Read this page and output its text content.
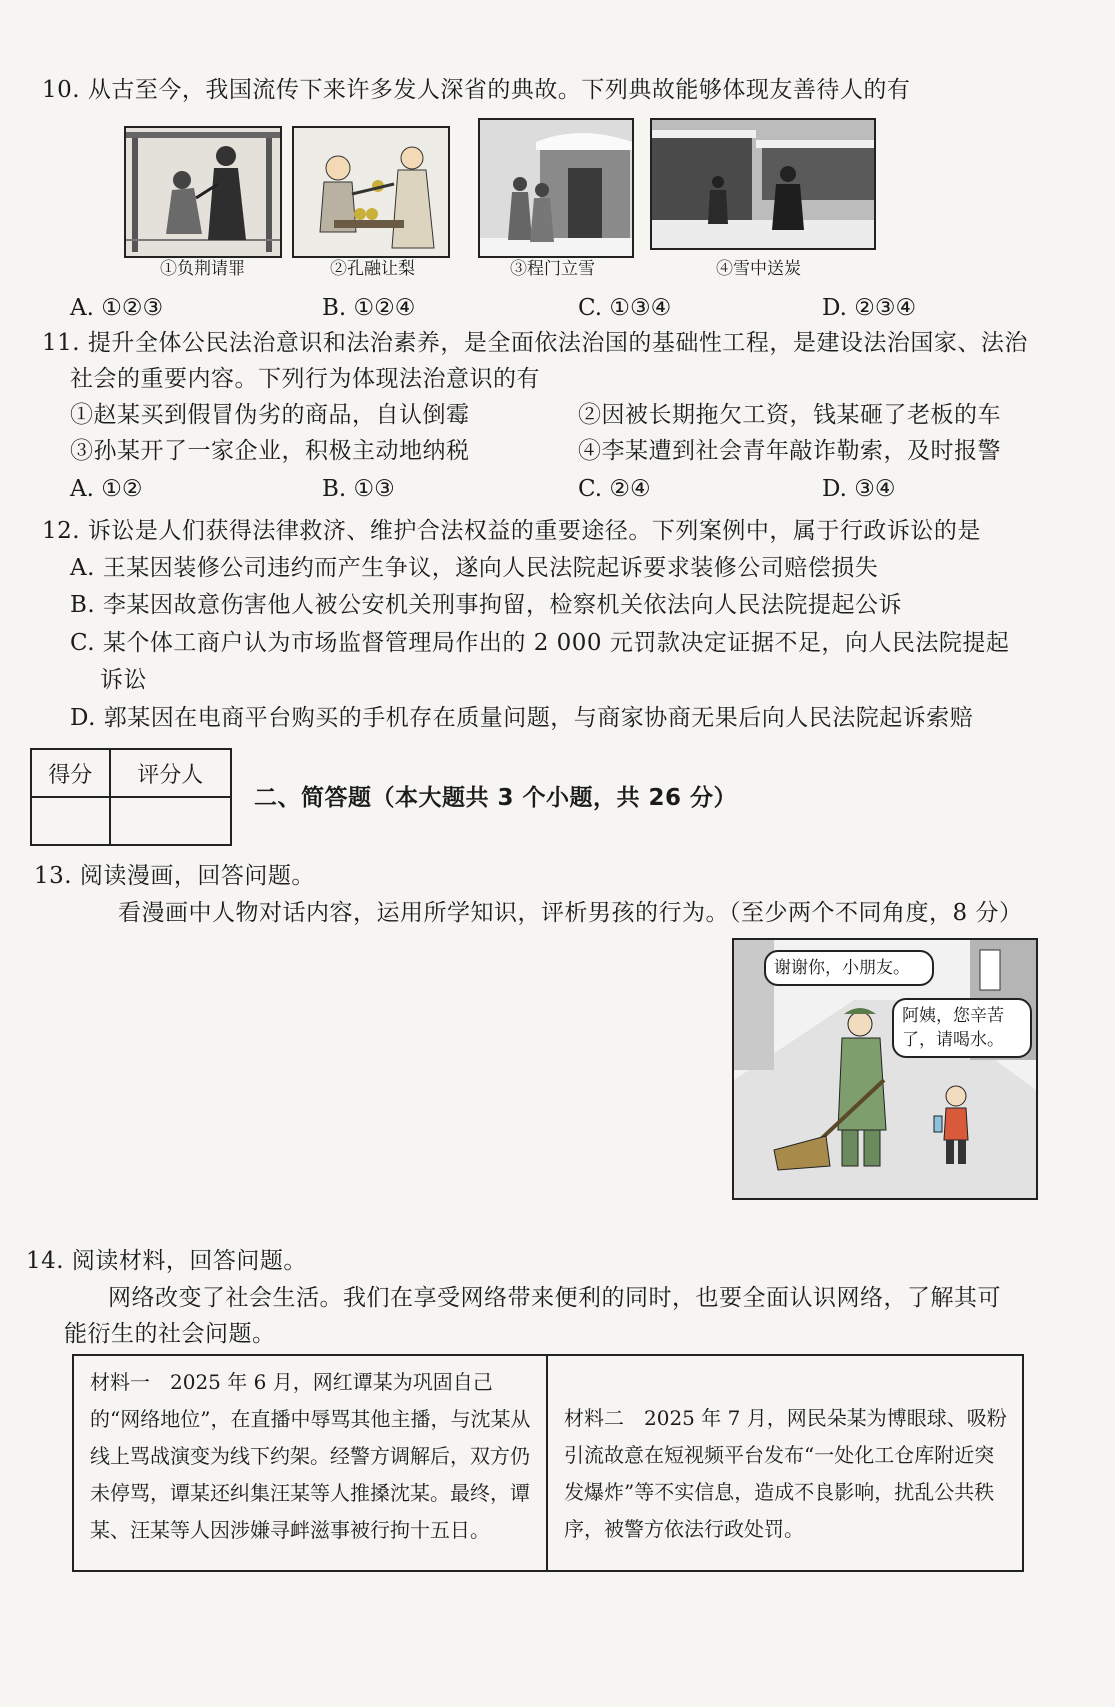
10. 从古至今，我国流传下来许多发人深省的典故。下列典故能够体现友善待人的有
①负荆请罪	②孔融让梨	③程门立雪	④雪中送炭
A. ①②③	B. ①②④	C. ①③④	D. ②③④
11. 提升全体公民法治意识和法治素养，是全面依法治国的基础性工程，是建设法治国家、法治
社会的重要内容。下列行为体现法治意识的有
①赵某买到假冒伪劣的商品，自认倒霉	②因被长期拖欠工资，钱某砸了老板的车
③孙某开了一家企业，积极主动地纳税	④李某遭到社会青年敲诈勒索，及时报警
A. ①②	B. ①③	C. ②④	D. ③④
12. 诉讼是人们获得法律救济、维护合法权益的重要途径。下列案例中，属于行政诉讼的是
A. 王某因装修公司违约而产生争议，遂向人民法院起诉要求装修公司赔偿损失
B. 李某因故意伤害他人被公安机关刑事拘留，检察机关依法向人民法院提起公诉
C. 某个体工商户认为市场监督管理局作出的 2 000 元罚款决定证据不足，向人民法院提起
诉讼
D. 郭某因在电商平台购买的手机存在质量问题，与商家协商无果后向人民法院起诉索赔
得分	评分人

二、简答题（本大题共 3 个小题，共 26 分）
13. 阅读漫画，回答问题。
看漫画中人物对话内容，运用所学知识，评析男孩的行为。（至少两个不同角度，8 分）
谢谢你，小朋友。
阿姨，您辛苦了，请喝水。
14. 阅读材料，回答问题。
网络改变了社会生活。我们在享受网络带来便利的同时，也要全面认识网络，了解其可
能衍生的社会问题。
材料一　2025 年 6 月，网红谭某为巩固自己的“网络地位”，在直播中辱骂其他主播，与沈某从线上骂战演变为线下约架。经警方调解后，双方仍未停骂，谭某还纠集汪某等人推搡沈某。最终，谭某、汪某等人因涉嫌寻衅滋事被行拘十五日。
材料二　2025 年 7 月，网民朵某为博眼球、吸粉引流故意在短视频平台发布“一处化工仓库附近突发爆炸”等不实信息，造成不良影响，扰乱公共秩序，被警方依法行政处罚。
